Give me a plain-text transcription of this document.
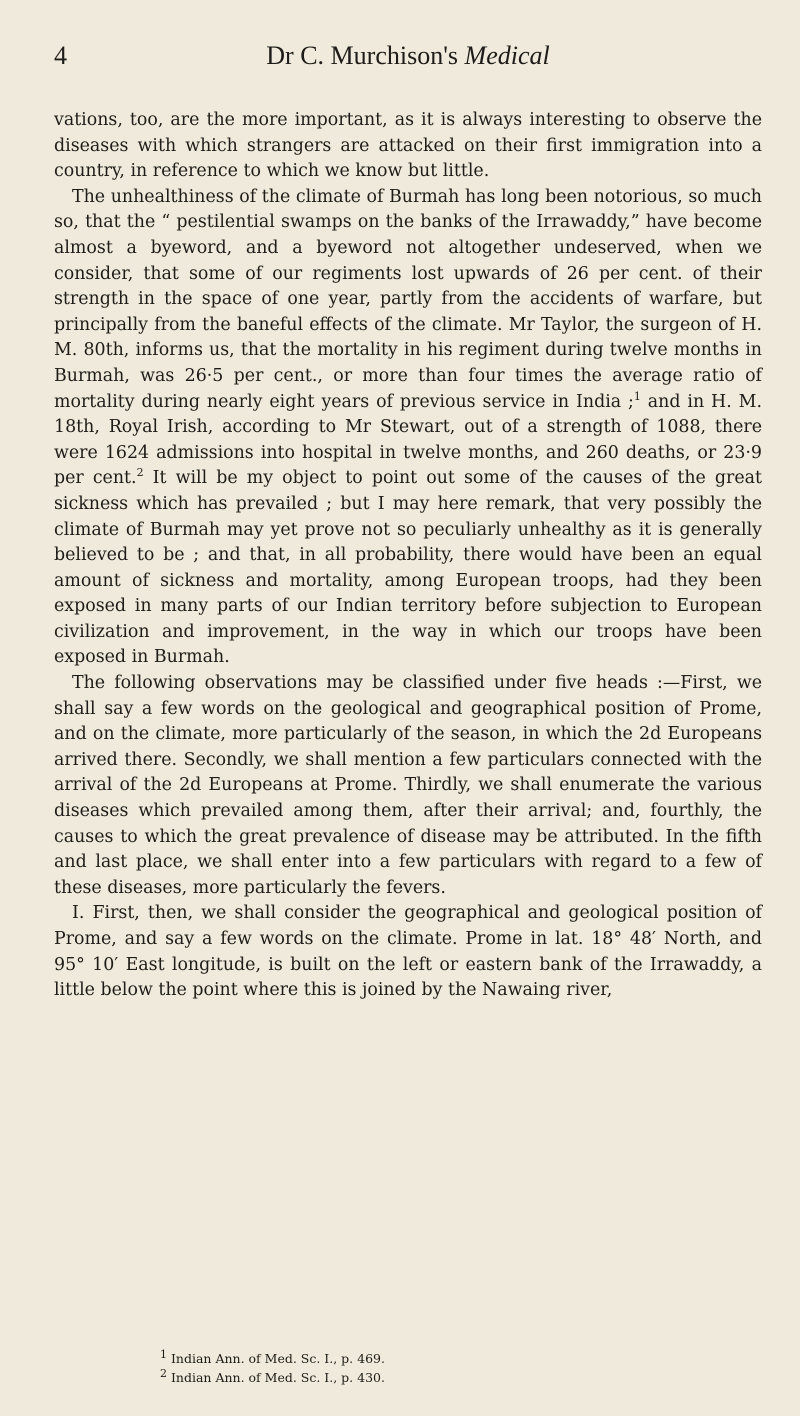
4	Dr C. Murchison's Medical

vations, too, are the more important, as it is always interesting to observe the diseases with which strangers are attacked on their first immigration into a country, in reference to which we know but little.

The unhealthiness of the climate of Burmah has long been notorious, so much so, that the “ pestilential swamps on the banks of the Irrawaddy,” have become almost a byeword, and a byeword not altogether undeserved, when we consider, that some of our regiments lost upwards of 26 per cent. of their strength in the space of one year, partly from the accidents of warfare, but principally from the baneful effects of the climate. Mr Taylor, the surgeon of H. M. 80th, informs us, that the mortality in his regiment during twelve months in Burmah, was 26·5 per cent., or more than four times the average ratio of mortality during nearly eight years of previous service in India ;$^1$ and in H. M. 18th, Royal Irish, according to Mr Stewart, out of a strength of 1088, there were 1624 admissions into hospital in twelve months, and 260 deaths, or 23·9 per cent.$^2$ It will be my object to point out some of the causes of the great sickness which has prevailed ; but I may here remark, that very possibly the climate of Burmah may yet prove not so peculiarly unhealthy as it is generally believed to be ; and that, in all probability, there would have been an equal amount of sickness and mortality, among European troops, had they been exposed in many parts of our Indian territory before subjection to European civilization and improvement, in the way in which our troops have been exposed in Burmah.

The following observations may be classified under five heads :—First, we shall say a few words on the geological and geographical position of Prome, and on the climate, more particularly of the season, in which the 2d Europeans arrived there. Secondly, we shall mention a few particulars connected with the arrival of the 2d Europeans at Prome. Thirdly, we shall enumerate the various diseases which prevailed among them, after their arrival; and, fourthly, the causes to which the great prevalence of disease may be attributed. In the fifth and last place, we shall enter into a few particulars with regard to a few of these diseases, more particularly the fevers.

I. First, then, we shall consider the geographical and geological position of Prome, and say a few words on the climate. Prome in lat. 18° 48′ North, and 95° 10′ East longitude, is built on the left or eastern bank of the Irrawaddy, a little below the point where this is joined by the Nawaing river,

$^1$ Indian Ann. of Med. Sc. I., p. 469.
$^2$ Indian Ann. of Med. Sc. I., p. 430.
